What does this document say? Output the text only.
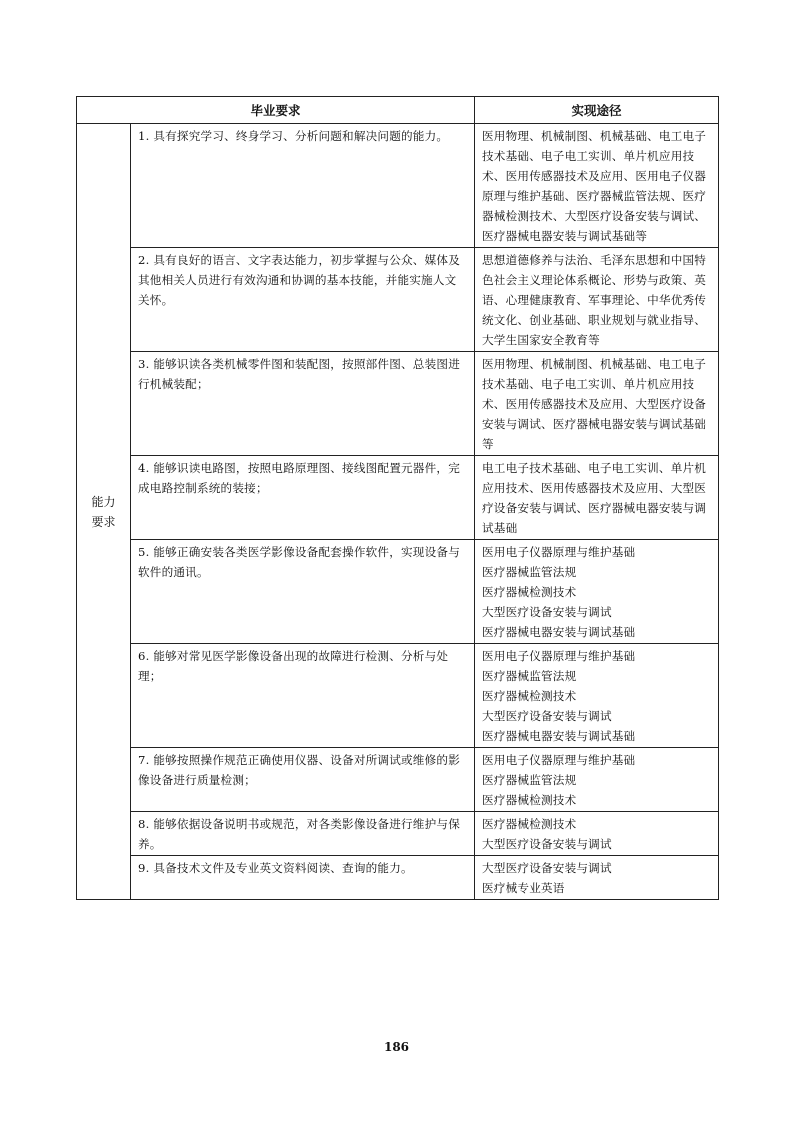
毕业要求		实现途径

能力
要求	1. 具有探究学习、终身学习、分析问题和解决问题的能力。	医用物理、机械制图、机械基础、电工电子技术基础、电子电工实训、单片机应用技术、医用传感器技术及应用、医用电子仪器原理与维护基础、医疗器械监管法规、医疗器械检测技术、大型医疗设备安装与调试、医疗器械电器安装与调试基础等

	2. 具有良好的语言、文字表达能力，初步掌握与公众、媒体及其他相关人员进行有效沟通和协调的基本技能，并能实施人文关怀。	思想道德修养与法治、毛泽东思想和中国特色社会主义理论体系概论、形势与政策、英语、心理健康教育、军事理论、中华优秀传统文化、创业基础、职业规划与就业指导、大学生国家安全教育等

	3. 能够识读各类机械零件图和装配图，按照部件图、总装图进行机械装配；	医用物理、机械制图、机械基础、电工电子技术基础、电子电工实训、单片机应用技术、医用传感器技术及应用、大型医疗设备安装与调试、医疗器械电器安装与调试基础等

	4. 能够识读电路图，按照电路原理图、接线图配置元器件，完成电路控制系统的装接；	电工电子技术基础、电子电工实训、单片机应用技术、医用传感器技术及应用、大型医疗设备安装与调试、医疗器械电器安装与调试基础

	5. 能够正确安装各类医学影像设备配套操作软件，实现设备与软件的通讯。	医用电子仪器原理与维护基础
医疗器械监管法规
医疗器械检测技术
大型医疗设备安装与调试
医疗器械电器安装与调试基础

	6. 能够对常见医学影像设备出现的故障进行检测、分析与处理；	医用电子仪器原理与维护基础
医疗器械监管法规
医疗器械检测技术
大型医疗设备安装与调试
医疗器械电器安装与调试基础

	7. 能够按照操作规范正确使用仪器、设备对所调试或维修的影像设备进行质量检测；	医用电子仪器原理与维护基础
医疗器械监管法规
医疗器械检测技术

	8. 能够依据设备说明书或规范，对各类影像设备进行维护与保养。	医疗器械检测技术
大型医疗设备安装与调试

	9. 具备技术文件及专业英文资料阅读、查询的能力。	大型医疗设备安装与调试
医疗械专业英语
186
